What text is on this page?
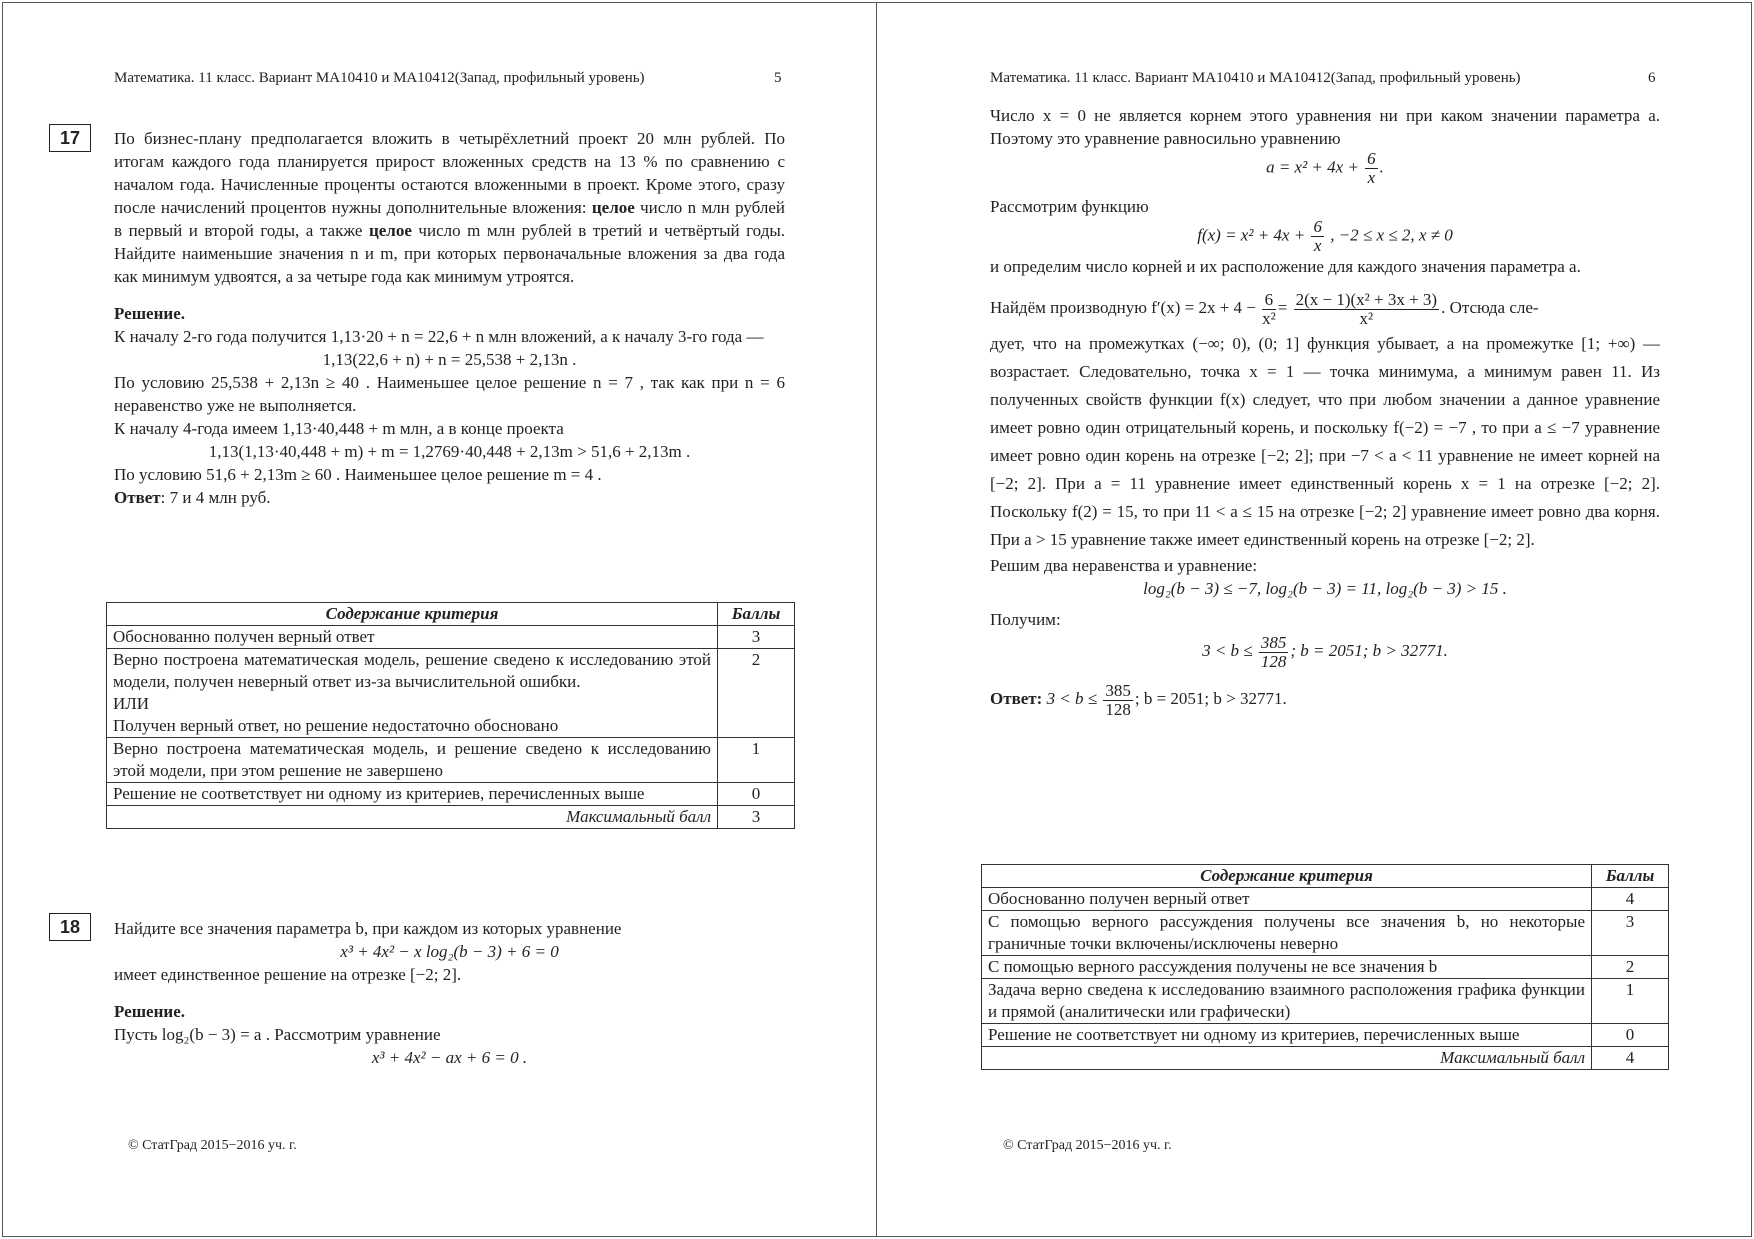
Математика. 11 класс. Вариант МА10410 и МА10412(Запад, профильный уровень)	5
17	По бизнес-плану предполагается вложить в четырёхлетний проект 20 млн рублей. По итогам каждого года планируется прирост вложенных средств на 13 % по сравнению с началом года. Начисленные проценты остаются вложенными в проект. Кроме этого, сразу после начислений процентов нужны дополнительные вложения: целое число n млн рублей в первый и второй годы, а также целое число m млн рублей в третий и четвёртый годы. Найдите наименьшие значения n и m, при которых первоначальные вложения за два года как минимум удвоятся, а за четыре года как минимум утроятся.

Решение.

К началу 2-го года получится 1,13·20 + n = 22,6 + n млн вложений, а к началу 3-го года —

1,13(22,6 + n) + n = 25,538 + 2,13n .

По условию 25,538 + 2,13n ≥ 40 . Наименьшее целое решение n = 7 , так как при n = 6 неравенство уже не выполняется.

К началу 4-года имеем 1,13·40,448 + m млн, а в конце проекта

1,13(1,13·40,448 + m) + m = 1,2769·40,448 + 2,13m > 51,6 + 2,13m .

По условию 51,6 + 2,13m ≥ 60 . Наименьшее целое решение m = 4 .

Ответ: 7 и 4 млн руб.

Содержание критерия	Баллы
Обоснованно получен верный ответ	3

Верно построена математическая модель, решение сведено к исследованию этой модели, получен неверный ответ из-за вычислительной ошибки.
ИЛИ
Получен верный ответ, но решение недостаточно обосновано	2
Верно построена математическая модель, и решение сведено к исследованию этой модели, при этом решение не завершено	1
Решение не соответствует ни одному из критериев, перечисленных выше	0
Максимальный балл	3
18	Найдите все значения параметра b, при каждом из которых уравнение

x³ + 4x² − x log₂(b − 3) + 6 = 0

имеет единственное решение на отрезке [−2; 2].

Решение.

Пусть log₂(b − 3) = a . Рассмотрим уравнение

x³ + 4x² − ax + 6 = 0 .

© СтатГрад 2015−2016 уч. г.
Математика. 11 класс. Вариант МА10410 и МА10412(Запад, профильный уровень)	6

Число x = 0 не является корнем этого уравнения ни при каком значении параметра a. Поэтому это уравнение равносильно уравнению

$a = x^2 + 4x + \frac{6}{x}$ .

Рассмотрим функцию

$f(x) = x^2 + 4x + \frac{6}{x}$ , −2 ≤ x ≤ 2, x ≠ 0

и определим число корней и их расположение для каждого значения параметра a.

Найдём производную $f'(x) = 2x + 4 - \frac{6}{\text{x²}} = \frac{\text{2(x − 1)(x² + 3x + 3)}}{\text{x²}}$ . Отсюда сле-

дует, что на промежутках (−∞; 0), (0; 1] функция убывает, а на промежутке [1; +∞) — возрастает. Следовательно, точка x = 1 — точка минимума, а минимум равен 11. Из полученных свойств функции f(x) следует, что при любом значении a данное уравнение имеет ровно один отрицательный корень, и поскольку f(−2) = −7 , то при a ≤ −7 уравнение имеет ровно один корень на отрезке [−2; 2]; при −7 < a < 11 уравнение не имеет корней на [−2; 2]. При a = 11 уравнение имеет единственный корень x = 1 на отрезке [−2; 2]. Поскольку f(2) = 15, то при 11 < a ≤ 15 на отрезке [−2; 2] уравнение имеет ровно два корня. При a > 15 уравнение также имеет единственный корень на отрезке [−2; 2].

Решим два неравенства и уравнение:

log₂(b − 3) ≤ −7, log₂(b − 3) = 11, log₂(b − 3) > 15 .

Получим:

$3 < b \le \frac{385}{128}$ ; b = 2051; b > 32771.

Ответ: $3 < b \le \frac{385}{128}$ ; b = 2051; b > 32771.

Содержание критерия	Баллы
Обоснованно получен верный ответ	4
С помощью верного рассуждения получены все значения b, но некоторые граничные точки включены/исключены неверно	3
С помощью верного рассуждения получены не все значения b	2
Задача верно сведена к исследованию взаимного расположения графика функции и прямой (аналитически или графически)	1
Решение не соответствует ни одному из критериев, перечисленных выше	0
Максимальный балл	4
© СтатГрад 2015−2016 уч. г.
